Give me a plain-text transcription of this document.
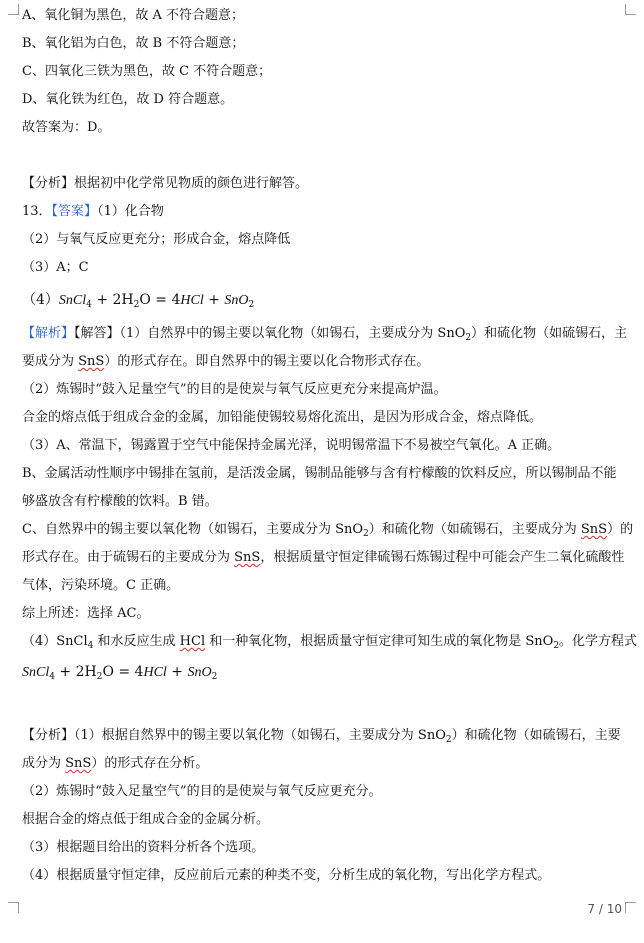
A、氧化铜为黑色，故 A 不符合题意；
B、氧化铝为白色，故 B 不符合题意；
C、四氧化三铁为黑色，故 C 不符合题意；
D、氧化铁为红色，故 D 符合题意。
故答案为：D。
【分析】根据初中化学常见物质的颜色进行解答。
13．【答案】（1）化合物
（2）与氧气反应更充分；形成合金，熔点降低
（3）A；C
（4）SnCl$_4$ + $2H_2O = 4HCl + SnO_2$
【解析】【解答】（1）自然界中的锡主要以氧化物（如锡石，主要成分为 SnO$_2$）和硫化物（如硫锡石，主
要成分为 SnS）的形式存在。即自然界中的锡主要以化合物形式存在。
（2）炼锡时“鼓入足量空气”的目的是使炭与氧气反应更充分来提高炉温。
合金的熔点低于组成合金的金属，加铅能使锡较易熔化流出，是因为形成合金，熔点降低。
（3）A、常温下，锡露置于空气中能保持金属光泽，说明锡常温下不易被空气氧化。A 正确。
B、金属活动性顺序中锡排在氢前，是活泼金属，锡制品能够与含有柠檬酸的饮料反应，所以锡制品不能
够盛放含有柠檬酸的饮料。B 错。
C、自然界中的锡主要以氧化物（如锡石，主要成分为 SnO$_2$）和硫化物（如硫锡石，主要成分为 SnS）的
形式存在。由于硫锡石的主要成分为 SnS，根据质量守恒定律硫锡石炼锡过程中可能会产生二氧化硫酸性
气体，污染环境。C 正确。
综上所述：选择 AC。
（4）SnCl$_4$ 和水反应生成 HCl 和一种氧化物，根据质量守恒定律可知生成的氧化物是 SnO$_2$。化学方程式
SnCl$_4$ + $2H_2O = 4HCl + SnO_2$
【分析】（1）根据自然界中的锡主要以氧化物（如锡石，主要成分为 SnO$_2$）和硫化物（如硫锡石，主要
成分为 SnS）的形式存在分析。
（2）炼锡时“鼓入足量空气”的目的是使炭与氧气反应更充分。
根据合金的熔点低于组成合金的金属分析。
（3）根据题目给出的资料分析各个选项。
（4）根据质量守恒定律，反应前后元素的种类不变，分析生成的氧化物，写出化学方程式。
7 / 10
